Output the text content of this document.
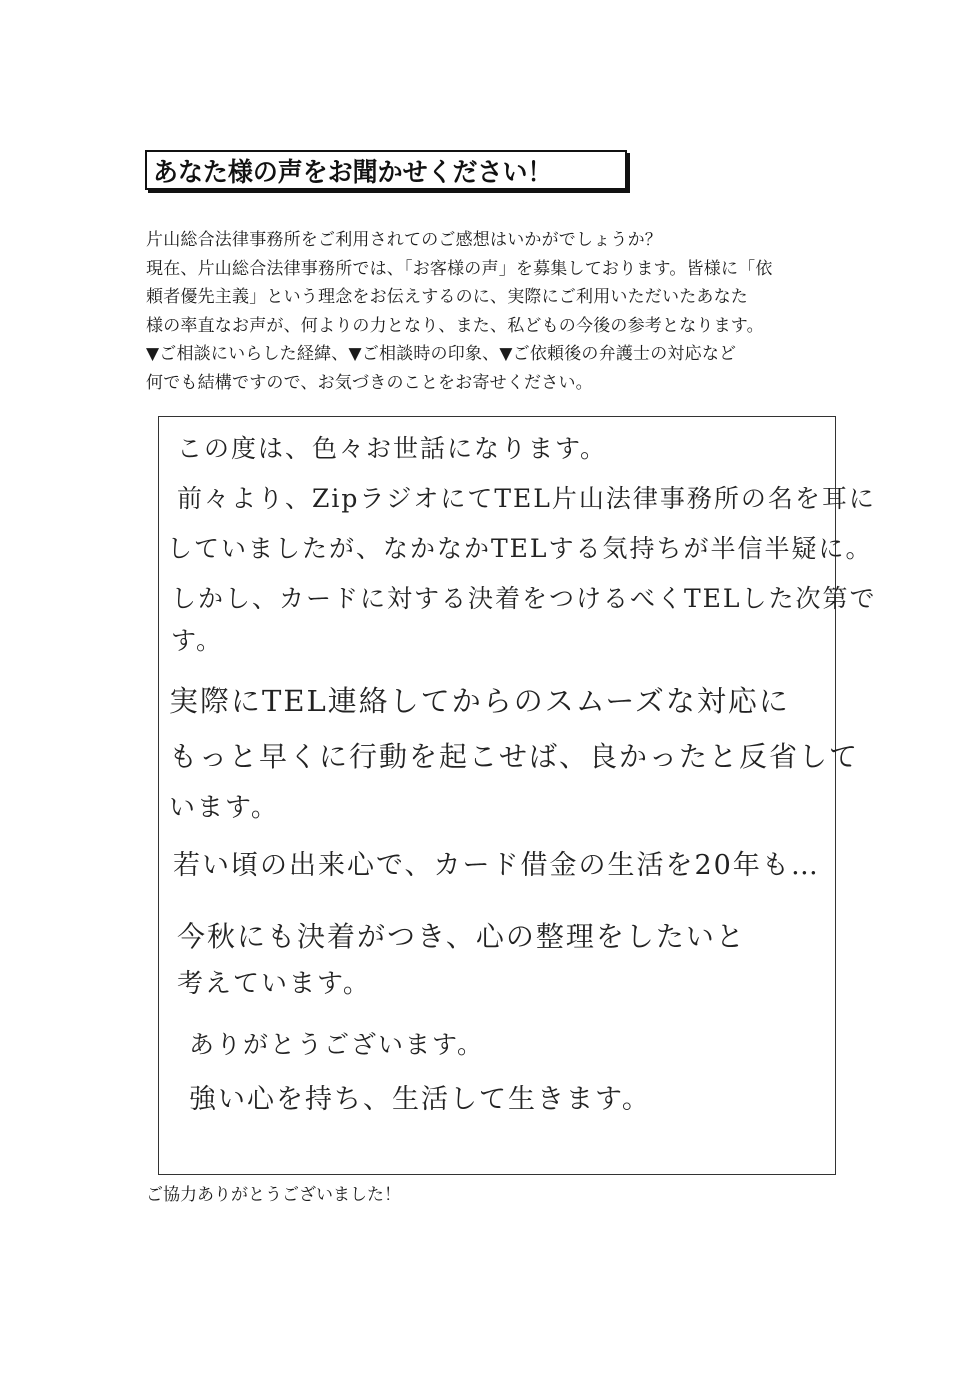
あなた様の声をお聞かせください！
片山総合法律事務所をご利用されてのご感想はいかがでしょうか？
現在、片山総合法律事務所では、「お客様の声」を募集しております。皆様に「依
頼者優先主義」という理念をお伝えするのに、実際にご利用いただいたあなた
様の率直なお声が、何よりの力となり、また、私どもの今後の参考となります。
▼ご相談にいらした経緯、▼ご相談時の印象、▼ご依頼後の弁護士の対応など
何でも結構ですので、お気づきのことをお寄せください。
この度は、色々お世話になります。
前々より、ZipラジオにてTEL片山法律事務所の名を耳に
していましたが、なかなかTELする気持ちが半信半疑に。
しかし、カードに対する決着をつけるべくTELした次第で
す。
実際にTEL連絡してからのスムーズな対応に
もっと早くに行動を起こせば、良かったと反省して
います。
若い頃の出来心で、カード借金の生活を20年も…
今秋にも決着がつき、心の整理をしたいと
考えています。
ありがとうございます。
強い心を持ち、生活して生きます。
ご協力ありがとうございました！
